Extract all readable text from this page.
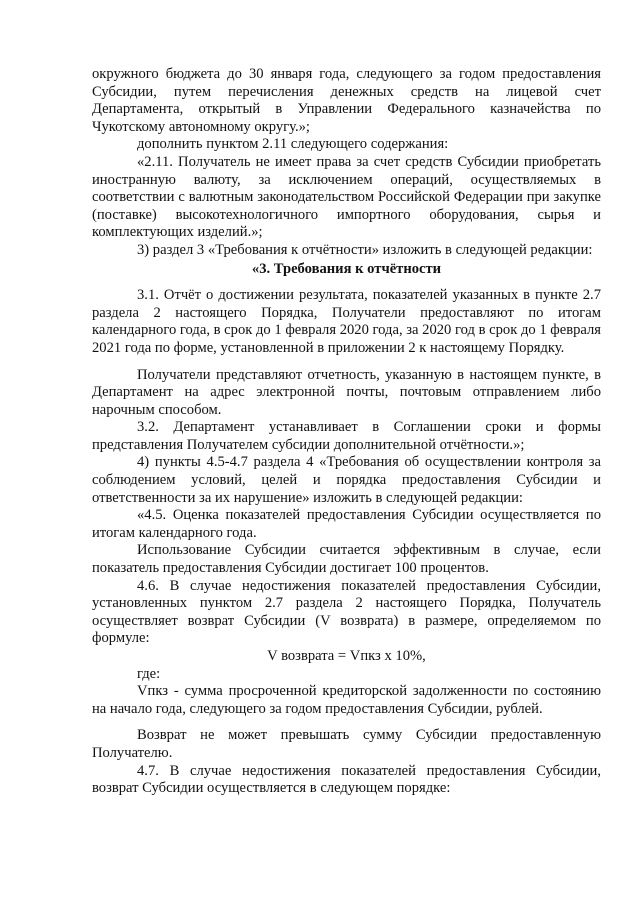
окружного бюджета до 30 января года, следующего за годом предоставления Субсидии, путем перечисления денежных средств на лицевой счет Департамента, открытый в Управлении Федерального казначейства по Чукотскому автономному округу.»;

дополнить пунктом 2.11 следующего содержания:

«2.11. Получатель не имеет права за счет средств Субсидии приобретать иностранную валюту, за исключением операций, осуществляемых в соответствии с валютным законодательством Российской Федерации при закупке (поставке) высокотехнологичного импортного оборудования, сырья и комплектующих изделий.»;

3) раздел 3 «Требования к отчётности» изложить в следующей редакции:

«3. Требования к отчётности

3.1. Отчёт о достижении результата, показателей указанных в пункте 2.7 раздела 2 настоящего Порядка, Получатели предоставляют по итогам календарного года, в срок до 1 февраля 2020 года, за 2020 год в срок до 1 февраля 2021 года по форме, установленной в приложении 2 к настоящему Порядку.

Получатели представляют отчетность, указанную в настоящем пункте, в Департамент на адрес электронной почты, почтовым отправлением либо нарочным способом.

3.2. Департамент устанавливает в Соглашении сроки и формы представления Получателем субсидии дополнительной отчётности.»;

4) пункты 4.5-4.7 раздела 4 «Требования об осуществлении контроля за соблюдением условий, целей и порядка предоставления Субсидии и ответственности за их нарушение» изложить в следующей редакции:

«4.5. Оценка показателей предоставления Субсидии осуществляется по итогам календарного года.

Использование Субсидии считается эффективным в случае, если показатель предоставления Субсидии достигает 100 процентов.

4.6. В случае недостижения показателей предоставления Субсидии, установленных пунктом 2.7 раздела 2 настоящего Порядка, Получатель осуществляет возврат Субсидии (V возврата) в размере, определяемом по формуле:

V возврата = Vпкз х 10%,

где:

Vпкз - сумма просроченной кредиторской задолженности по состоянию на начало года, следующего за годом предоставления Субсидии, рублей.

Возврат не может превышать сумму Субсидии предоставленную Получателю.

4.7. В случае недостижения показателей предоставления Субсидии, возврат Субсидии осуществляется в следующем порядке:
